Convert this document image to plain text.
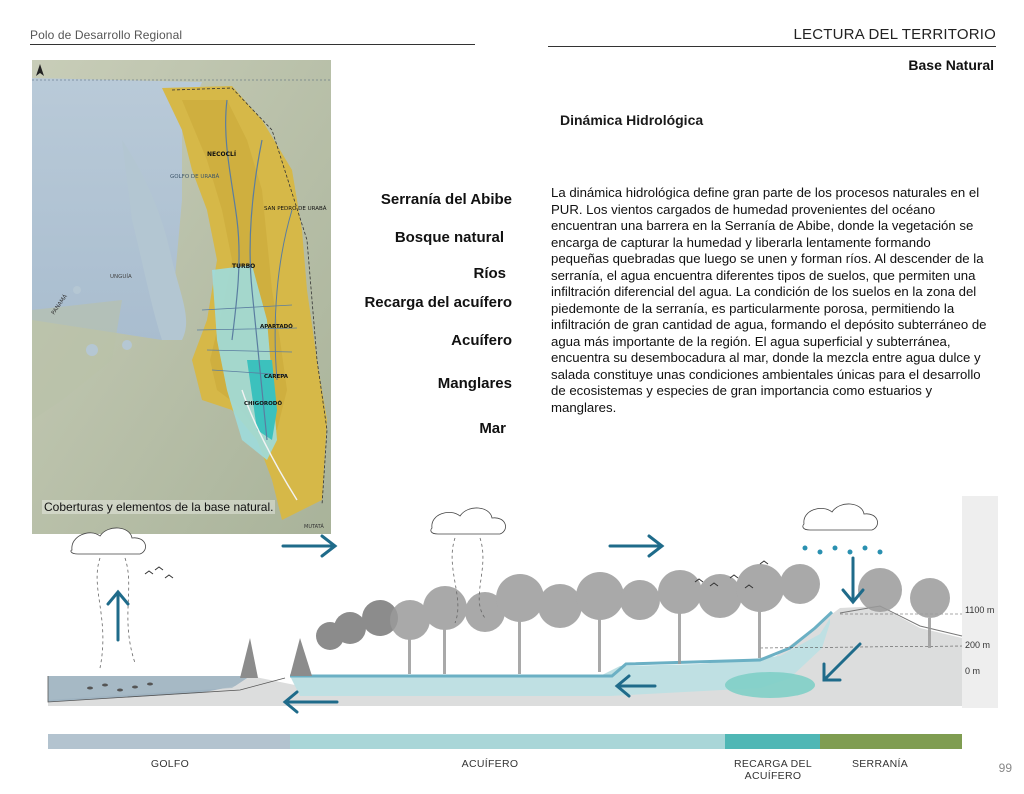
Polo de Desarrollo Regional	LECTURA DEL TERRITORIO
Base Natural
GOLFO DE URABÁ
NECOCLÍ
SAN PEDRO DE URABÁ
TURBO
APARTADÓ
CAREPA
CHIGORODÓ
PANAMÁ
UNGUÍA
MUTATÁ
Coberturas y elementos de la base natural.
Dinámica Hidrológica
Serranía del Abibe
Bosque natural
Ríos
Recarga del acuífero
Acuífero
Manglares
Mar
La dinámica hidrológica define gran parte de los procesos naturales en el PUR. Los vientos cargados de humedad provenientes del océano encuentran una barrera en la Serranía de Abibe, donde la vegetación se encarga de capturar la humedad y liberarla lentamente formando pequeñas quebradas que luego se unen y forman ríos. Al descender de la serranía, el agua encuentra diferentes tipos de suelos, que permiten una infiltración diferencial del agua. La condición de los suelos en la zona del piedemonte de la serranía, es particularmente porosa, permitiendo la infiltración de gran cantidad de agua, formando el depósito subterráneo de agua más importante de la región. El agua superficial y subterránea, encuentra su desembocadura al mar, donde la mezcla entre agua dulce y salada constituye unas condiciones ambientales únicas para el desarrollo de ecosistemas y especies de gran importancia como estuarios y manglares.
1100 m
200 m
0 m
GOLFO	ACUÍFERO	RECARGA DEL ACUÍFERO
SERRANÍA	99
